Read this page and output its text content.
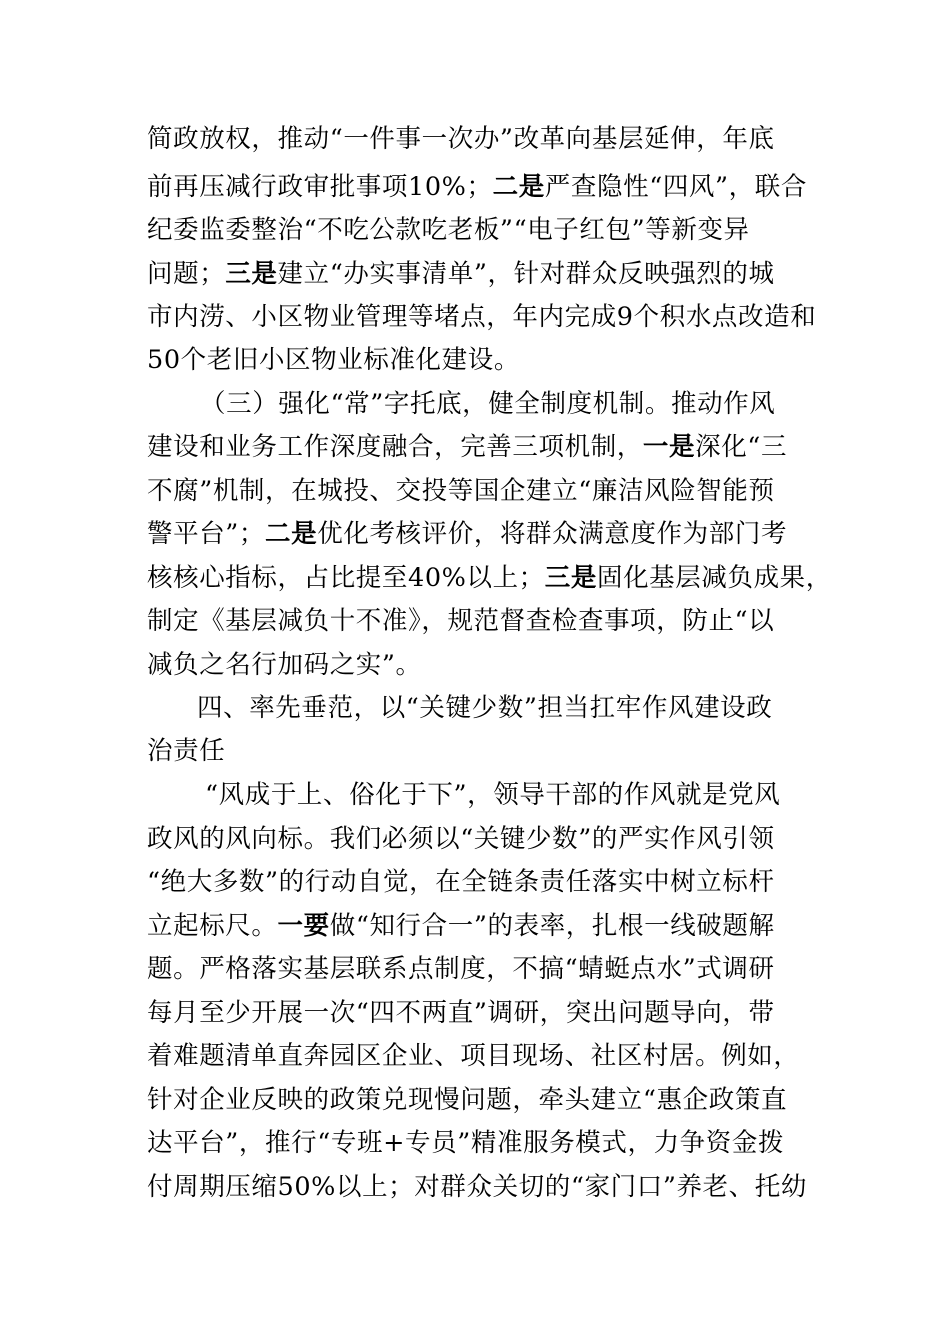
简政放权，推动“一件事一次办”改革向基层延伸，年底
前再压减行政审批事项10%；二是严查隐性“四风”，联合
纪委监委整治“不吃公款吃老板”“电子红包”等新变异
问题；三是建立“办实事清单”，针对群众反映强烈的城
市内涝、小区物业管理等堵点，年内完成9个积水点改造和
50个老旧小区物业标准化建设。
（三）强化“常”字托底，健全制度机制。推动作风
建设和业务工作深度融合，完善三项机制，一是深化“三
不腐”机制，在城投、交投等国企建立“廉洁风险智能预
警平台”；二是优化考核评价，将群众满意度作为部门考
核核心指标，占比提至40%以上；三是固化基层减负成果，
制定《基层减负十不准》，规范督查检查事项，防止“以
减负之名行加码之实”。
四、率先垂范，以“关键少数”担当扛牢作风建设政
治责任
“风成于上、俗化于下”，领导干部的作风就是党风
政风的风向标。我们必须以“关键少数”的严实作风引领
“绝大多数”的行动自觉，在全链条责任落实中树立标杆
立起标尺。一要做“知行合一”的表率，扎根一线破题解
题。严格落实基层联系点制度，不搞“蜻蜓点水”式调研
每月至少开展一次“四不两直”调研，突出问题导向，带
着难题清单直奔园区企业、项目现场、社区村居。例如，
针对企业反映的政策兑现慢问题，牵头建立“惠企政策直
达平台”，推行“专班+专员”精准服务模式，力争资金拨
付周期压缩50%以上；对群众关切的“家门口”养老、托幼
